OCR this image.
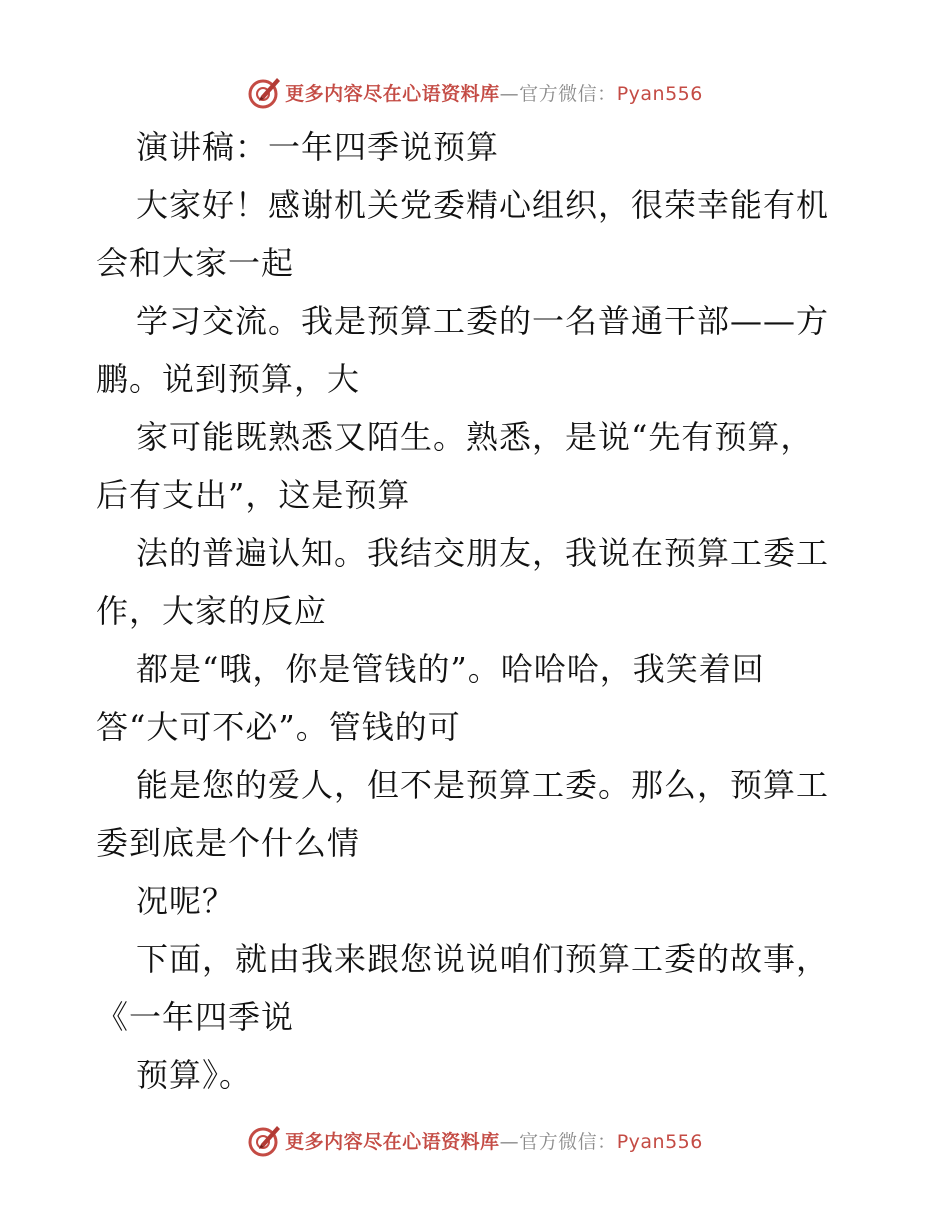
更多内容尽在心语资料库—官方微信：Pyan556
演讲稿：一年四季说预算
大家好！感谢机关党委精心组织，很荣幸能有机
会和大家一起
学习交流。我是预算工委的一名普通干部——方
鹏。说到预算，大
家可能既熟悉又陌生。熟悉，是说“先有预算，
后有支出”，这是预算
法的普遍认知。我结交朋友，我说在预算工委工
作，大家的反应
都是“哦，你是管钱的”。哈哈哈，我笑着回
答“大可不必”。管钱的可
能是您的爱人，但不是预算工委。那么，预算工
委到底是个什么情
况呢？
下面，就由我来跟您说说咱们预算工委的故事，
《一年四季说
预算》。
更多内容尽在心语资料库—官方微信：Pyan556
